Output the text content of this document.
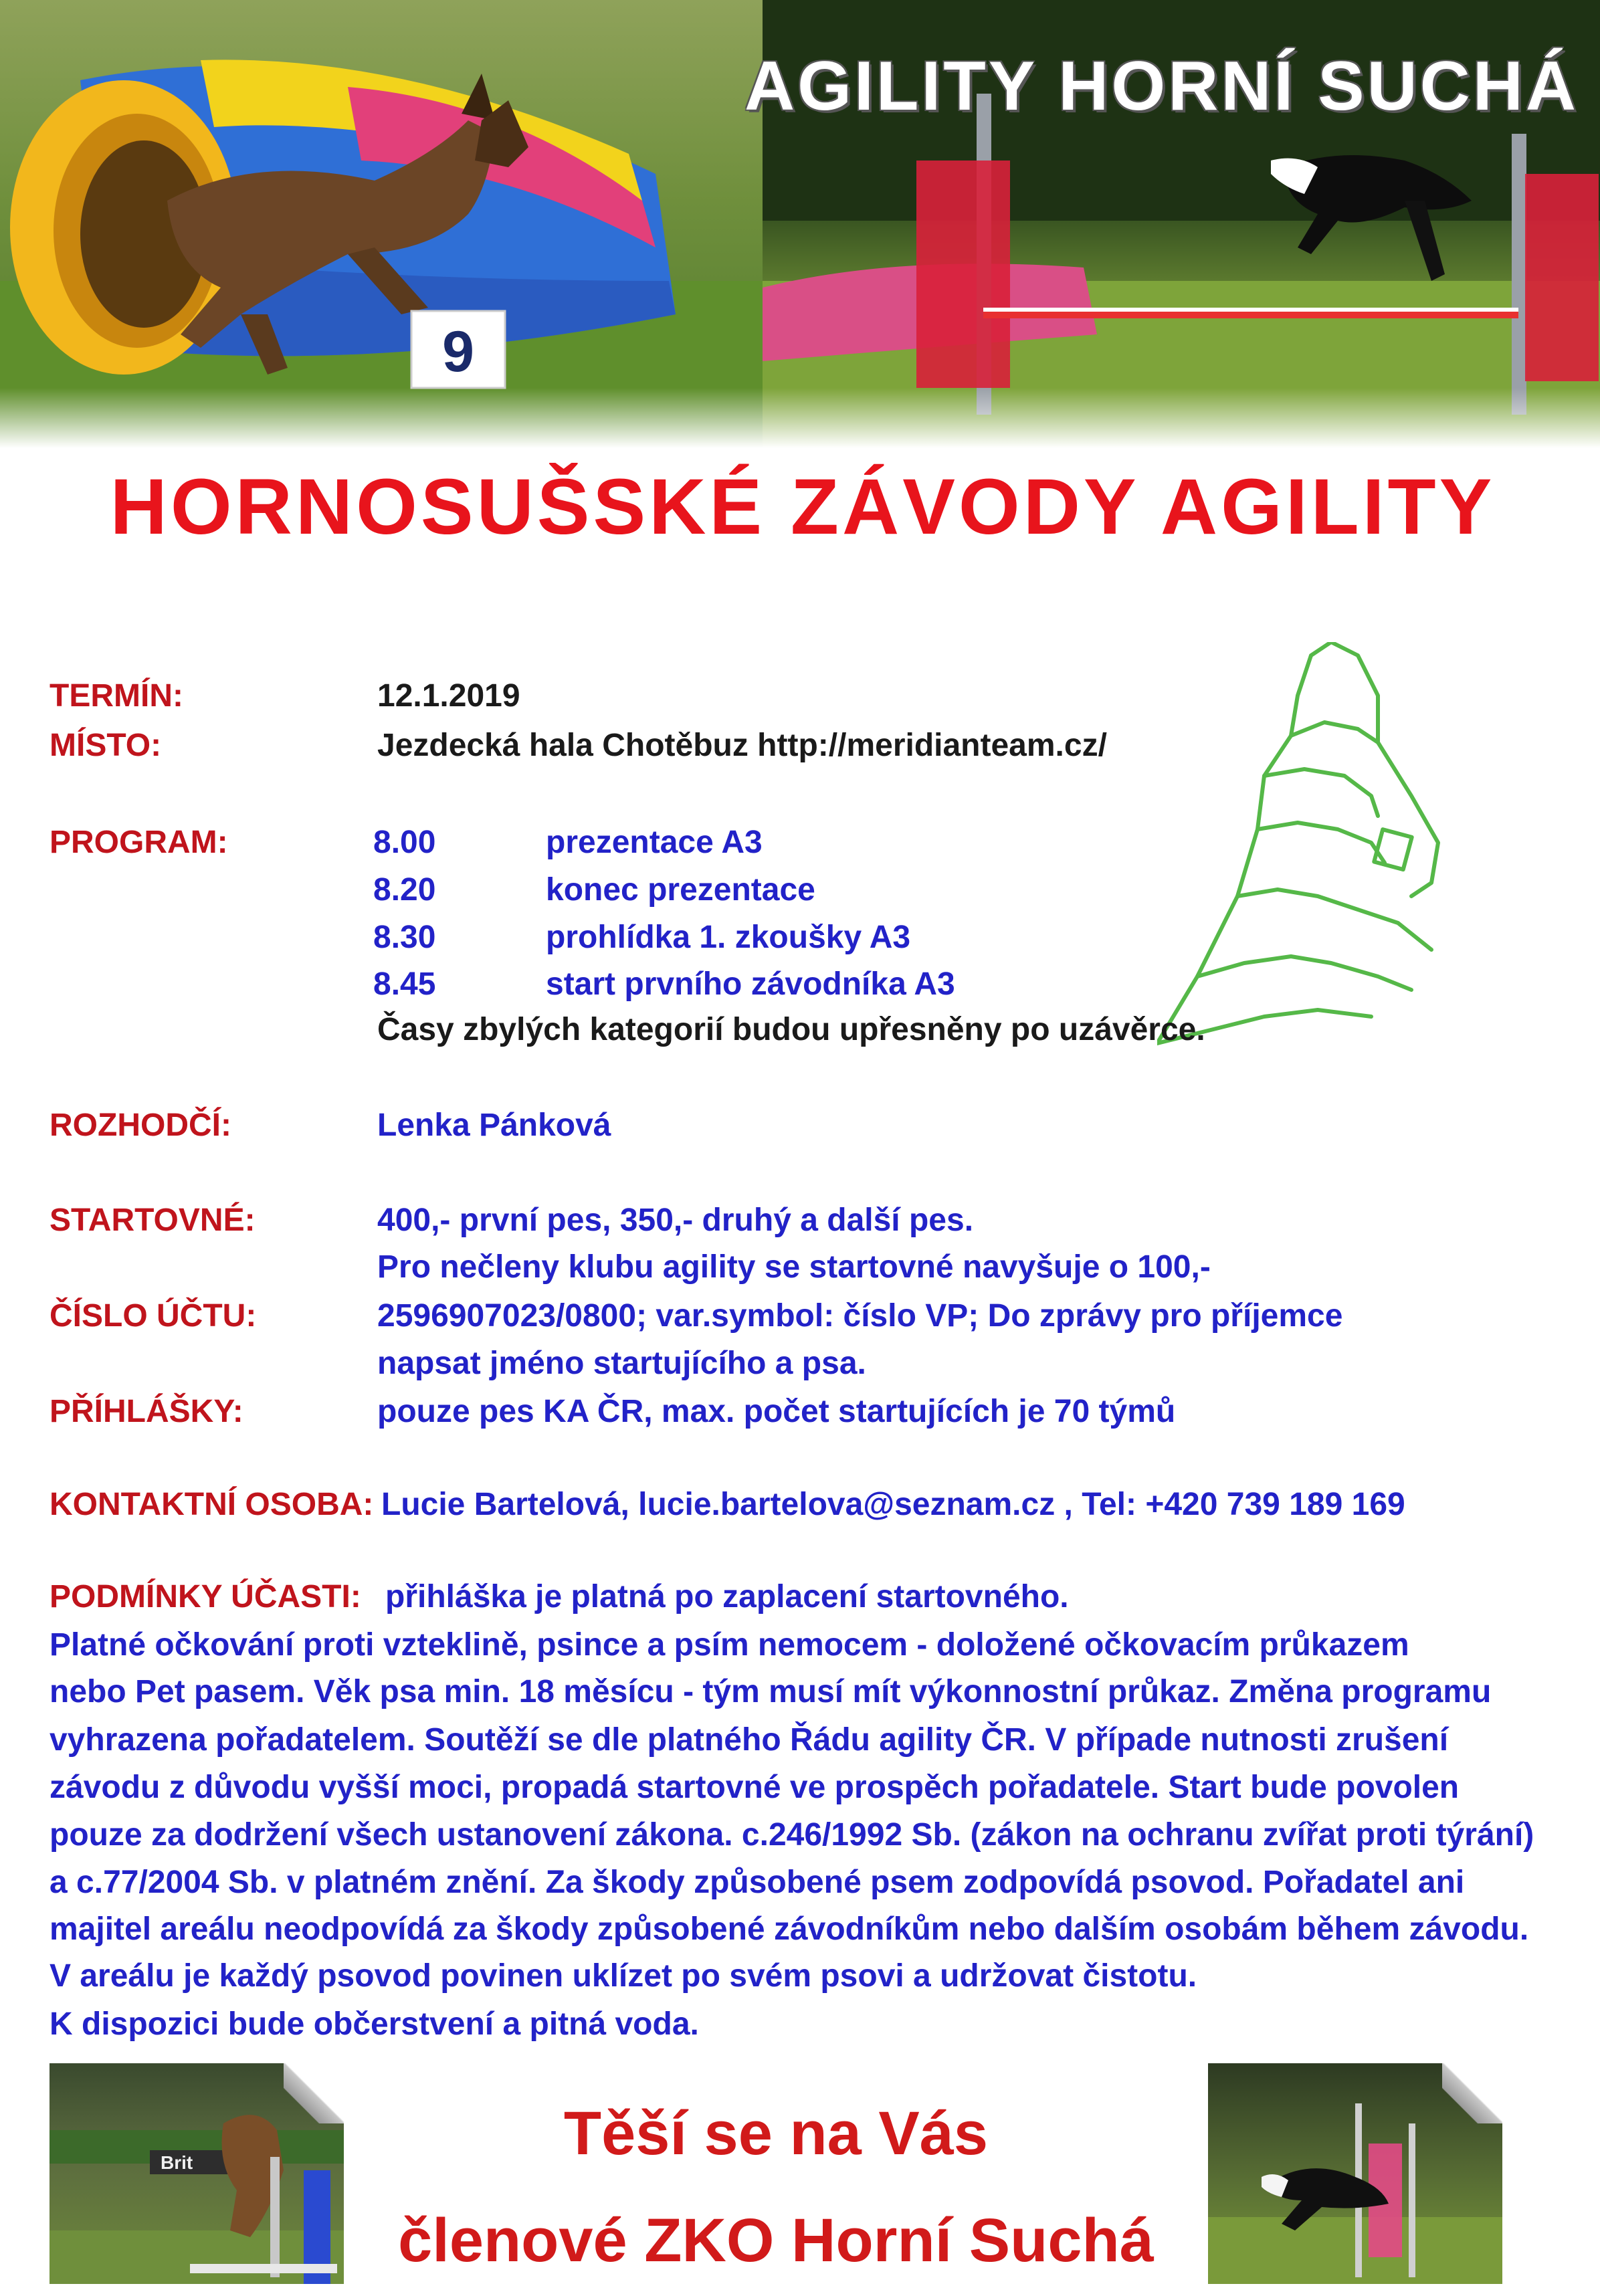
9
AGILITY HORNÍ SUCHÁ
HORNOSUŠSKÉ ZÁVODY AGILITY
TERMÍN:	12.1.2019
MÍSTO:	Jezdecká hala Chotěbuz http://meridianteam.cz/
PROGRAM:	8.00	prezentace A3
8.20	konec prezentace
8.30	prohlídka 1. zkoušky A3
8.45	start prvního závodníka A3
Časy zbylých kategorií budou upřesněny po uzávěrce.
ROZHODČÍ:	Lenka Pánková
STARTOVNÉ:	400,- první pes, 350,- druhý a další pes.
Pro nečleny klubu agility se startovné navyšuje o 100,-
ČÍSLO ÚČTU:	2596907023/0800; var.symbol: číslo VP; Do zprávy pro příjemce
napsat jméno startujícího a psa.
PŘÍHLÁŠKY:	pouze pes KA ČR, max. počet startujících je 70 týmů
KONTAKTNÍ OSOBA: Lucie Bartelová, lucie.bartelova@seznam.cz , Tel: +420 739 189 169
PODMÍNKY ÚČASTI: přihláška je platná po zaplacení startovného.
Platné očkování proti vzteklině, psince a psím nemocem - doložené očkovacím průkazem
nebo Pet pasem. Věk psa min. 18 měsícu - tým musí mít výkonnostní průkaz. Změna programu
vyhrazena pořadatelem. Soutěží se dle platného Řádu agility ČR. V případe nutnosti zrušení
závodu z důvodu vyšší moci, propadá startovné ve prospěch pořadatele. Start bude povolen
pouze za dodržení všech ustanovení zákona. c.246/1992 Sb. (zákon na ochranu zvířat proti týrání)
a c.77/2004 Sb. v platném znění. Za škody způsobené psem zodpovídá psovod. Pořadatel ani
majitel areálu neodpovídá za škody způsobené závodníkům nebo dalším osobám během závodu.
V areálu je každý psovod povinen uklízet po svém psovi a udržovat čistotu.
K dispozici bude občerstvení a pitná voda.
Brit	Těší se na Vás
členové ZKO Horní Suchá
